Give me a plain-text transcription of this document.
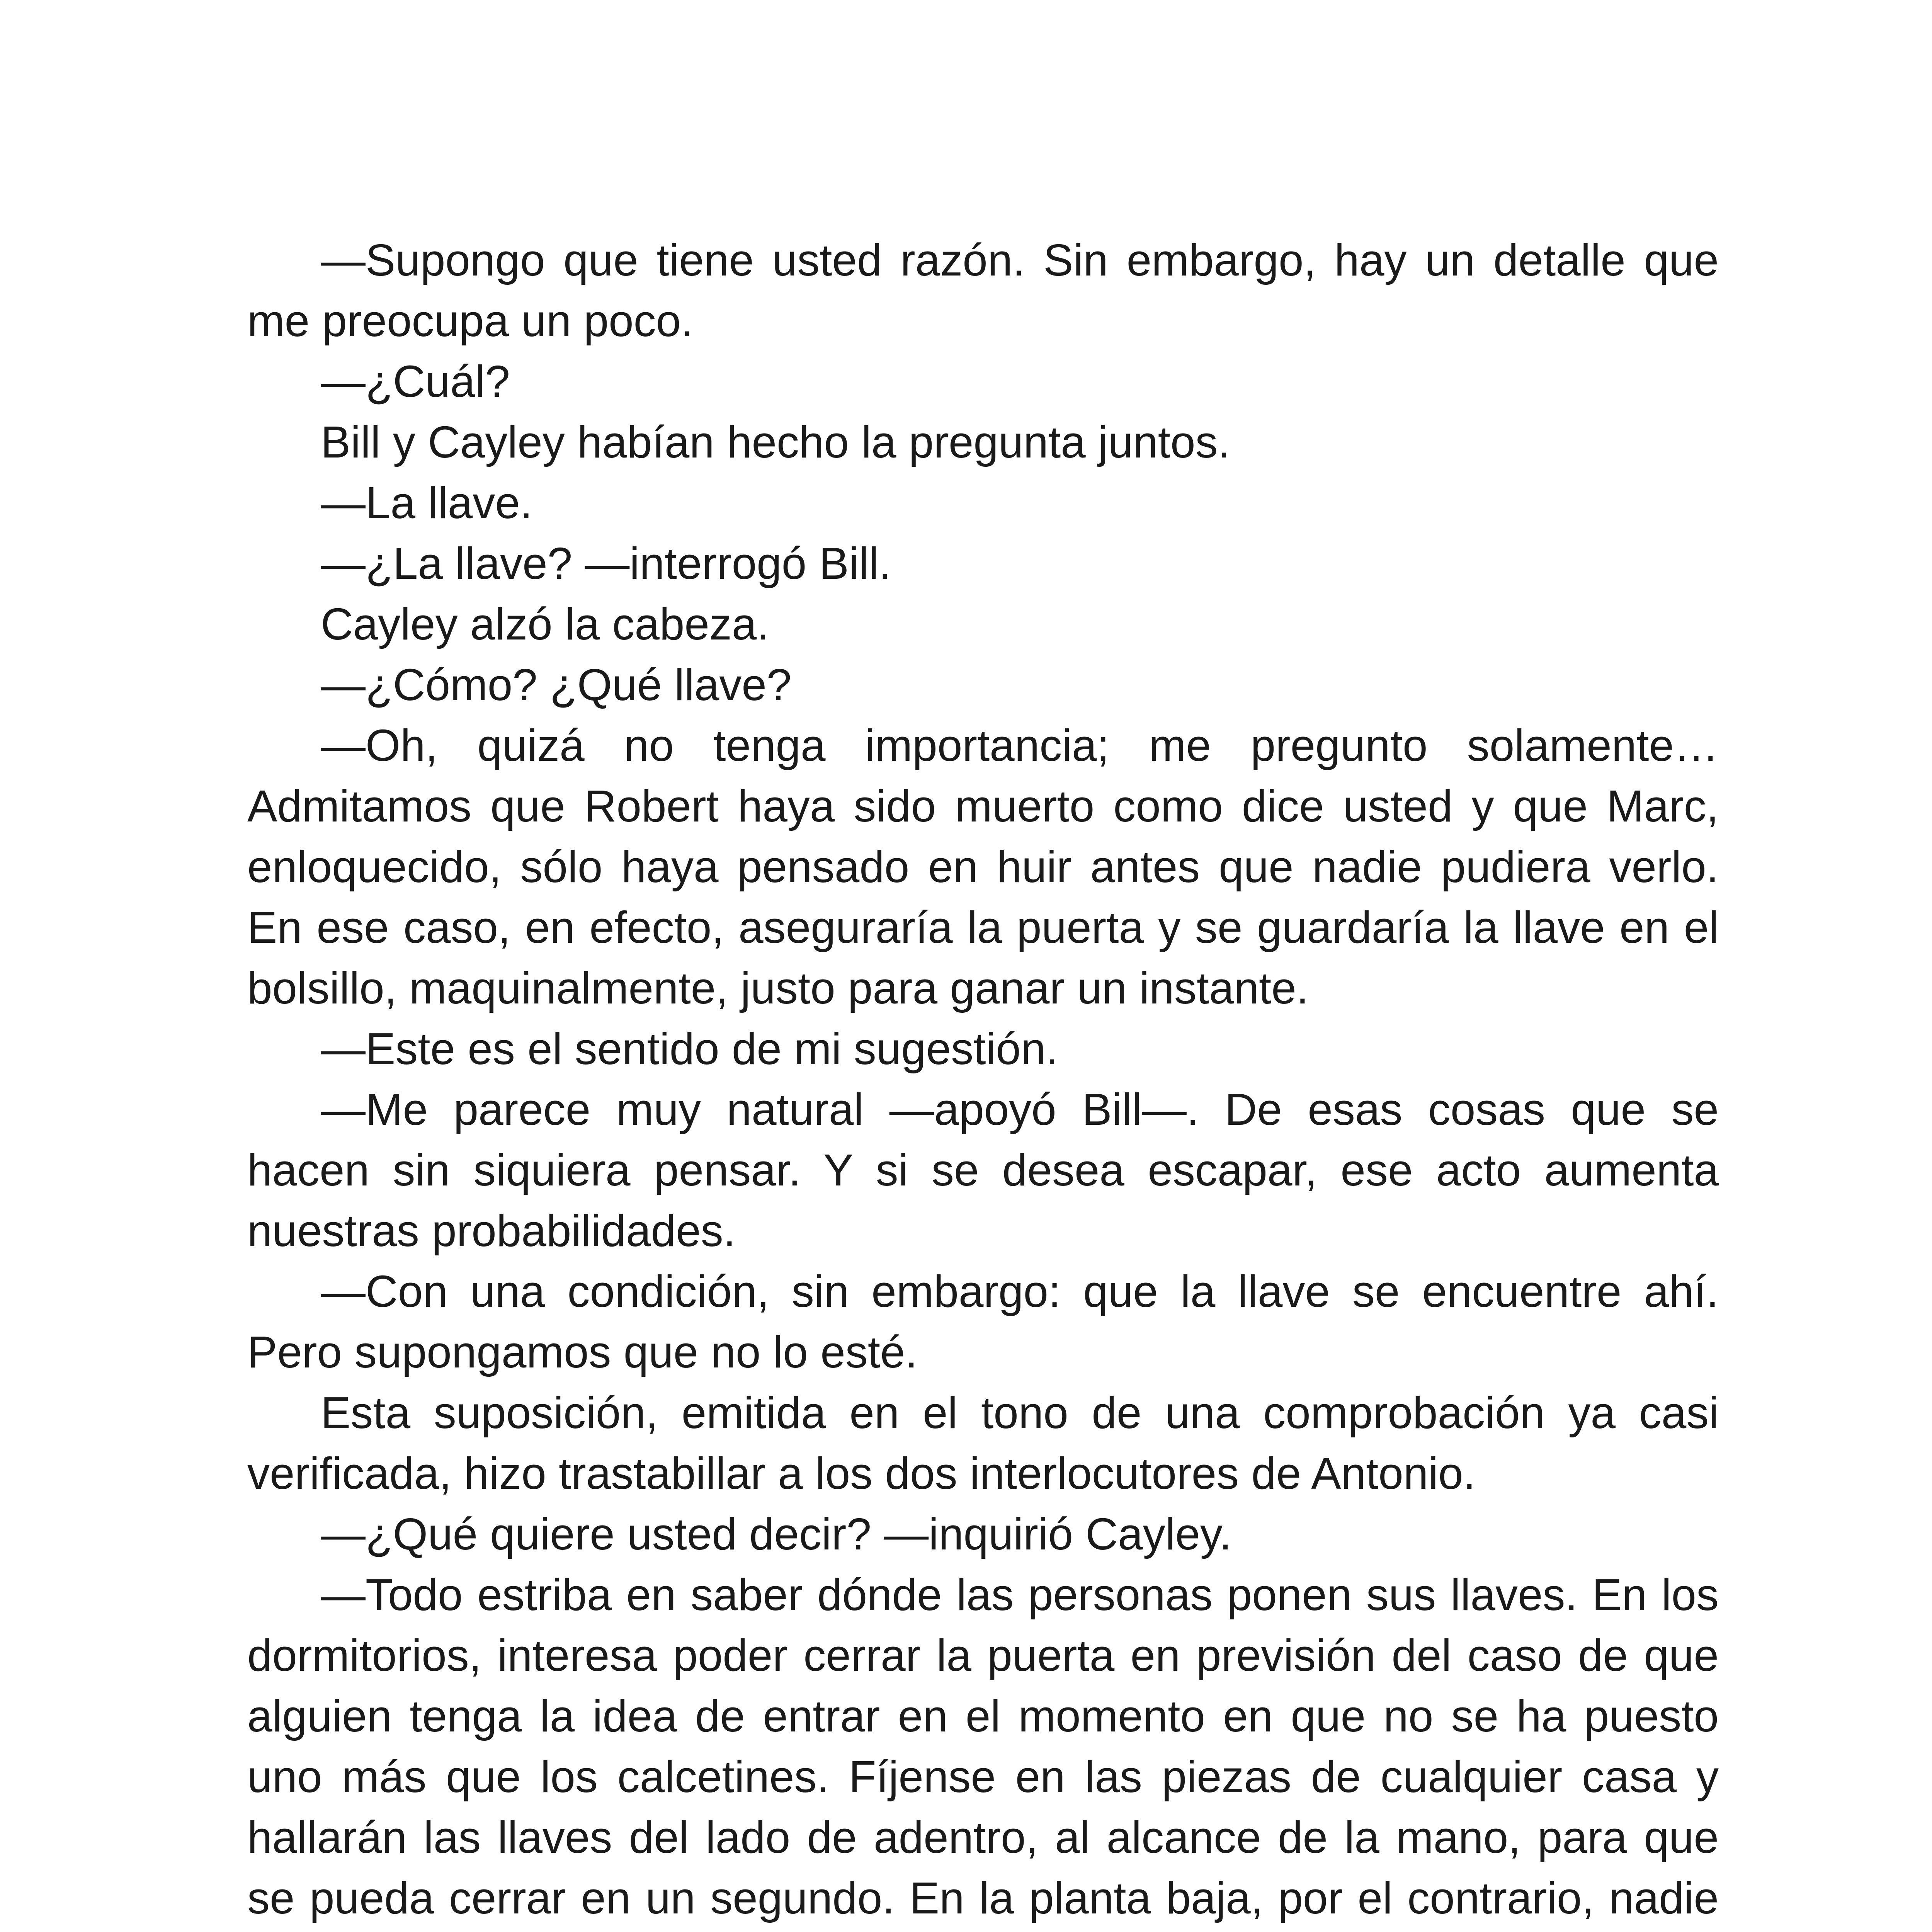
—Supongo que tiene usted razón. Sin embargo, hay un detalle que me preocupa un poco.

—¿Cuál?

Bill y Cayley habían hecho la pregunta juntos.

—La llave.

—¿La llave? —interrogó Bill.

Cayley alzó la cabeza.

—¿Cómo? ¿Qué llave?

—Oh, quizá no tenga importancia; me pregunto solamente… Admitamos que Robert haya sido muerto como dice usted y que Marc, enloquecido, sólo haya pensado en huir antes que nadie pudiera verlo. En ese caso, en efecto, aseguraría la puerta y se guardaría la llave en el bolsillo, maquinalmente, justo para ganar un instante.

—Este es el sentido de mi sugestión.

—Me parece muy natural —apoyó Bill—. De esas cosas que se hacen sin siquiera pensar. Y si se desea escapar, ese acto aumenta nuestras probabilidades.

—Con una condición, sin embargo: que la llave se encuentre ahí. Pero supongamos que no lo esté.

Esta suposición, emitida en el tono de una comprobación ya casi verificada, hizo trastabillar a los dos interlocutores de Antonio.

—¿Qué quiere usted decir? —inquirió Cayley.

—Todo estriba en saber dónde las personas ponen sus llaves. En los dormitorios, interesa poder cerrar la puerta en previsión del caso de que alguien tenga la idea de entrar en el momento en que no se ha puesto uno más que los calcetines. Fíjense en las piezas de cualquier casa y hallarán las llaves del lado de adentro, al alcance de la mano, para que se pueda cerrar en un segundo. En la planta baja, por el contrario, nadie
